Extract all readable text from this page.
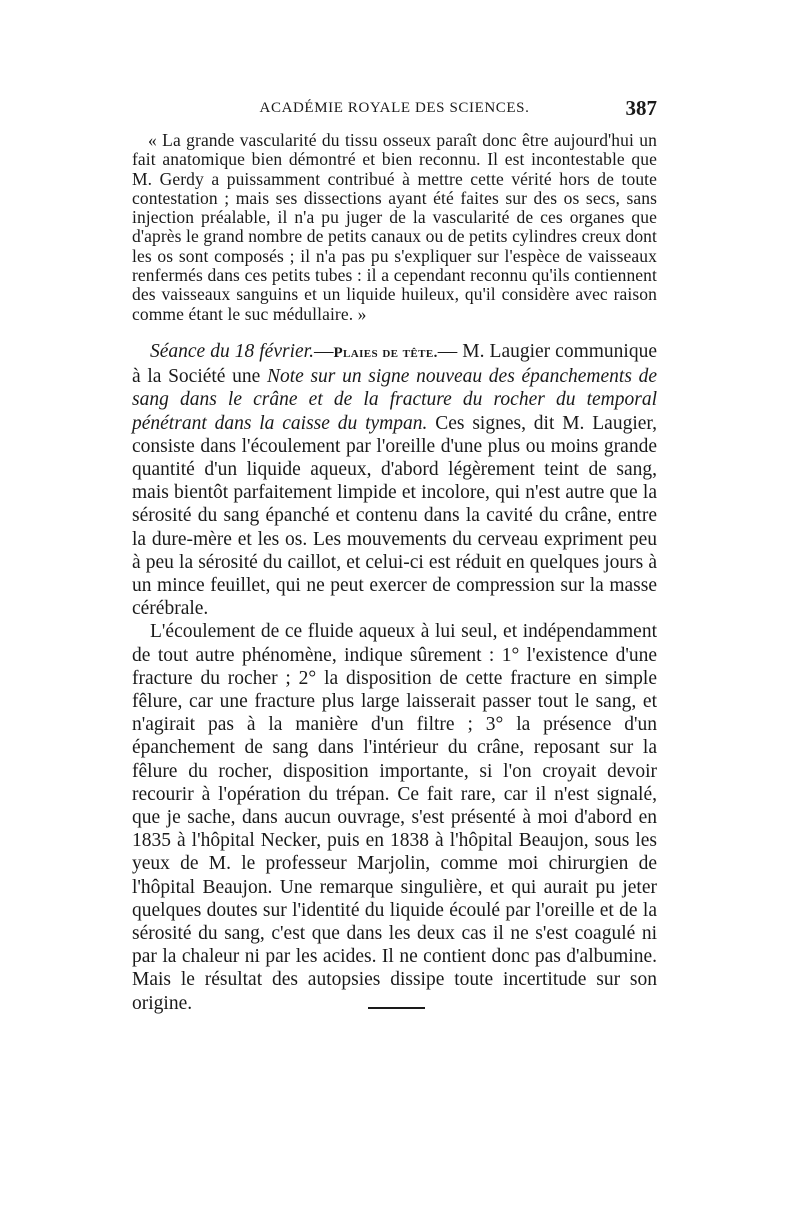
ACADÉMIE ROYALE DES SCIENCES.	387

« La grande vascularité du tissu osseux paraît donc être aujourd'hui un fait anatomique bien démontré et bien reconnu. Il est incontestable que M. Gerdy a puissamment contribué à mettre cette vérité hors de toute contestation ; mais ses dissections ayant été faites sur des os secs, sans injection préalable, il n'a pu juger de la vascularité de ces organes que d'après le grand nombre de petits canaux ou de petits cylindres creux dont les os sont composés ; il n'a pas pu s'expliquer sur l'espèce de vaisseaux renfermés dans ces petits tubes : il a cependant reconnu qu'ils contiennent des vaisseaux sanguins et un liquide huileux, qu'il considère avec raison comme étant le suc médullaire. »

Séance du 18 février.—Plaies de tête.— M. Laugier communique à la Société une Note sur un signe nouveau des épanchements de sang dans le crâne et de la fracture du rocher du temporal pénétrant dans la caisse du tympan. Ces signes, dit M. Laugier, consiste dans l'écoulement par l'oreille d'une plus ou moins grande quantité d'un liquide aqueux, d'abord légèrement teint de sang, mais bientôt parfaitement limpide et incolore, qui n'est autre que la sérosité du sang épanché et contenu dans la cavité du crâne, entre la dure-mère et les os. Les mouvements du cerveau expriment peu à peu la sérosité du caillot, et celui-ci est réduit en quelques jours à un mince feuillet, qui ne peut exercer de compression sur la masse cérébrale.

L'écoulement de ce fluide aqueux à lui seul, et indépendamment de tout autre phénomène, indique sûrement : 1° l'existence d'une fracture du rocher ; 2° la disposition de cette fracture en simple fêlure, car une fracture plus large laisserait passer tout le sang, et n'agirait pas à la manière d'un filtre ; 3° la présence d'un épanchement de sang dans l'intérieur du crâne, reposant sur la fêlure du rocher, disposition importante, si l'on croyait devoir recourir à l'opération du trépan. Ce fait rare, car il n'est signalé, que je sache, dans aucun ouvrage, s'est présenté à moi d'abord en 1835 à l'hôpital Necker, puis en 1838 à l'hôpital Beaujon, sous les yeux de M. le professeur Marjolin, comme moi chirurgien de l'hôpital Beaujon. Une remarque singulière, et qui aurait pu jeter quelques doutes sur l'identité du liquide écoulé par l'oreille et de la sérosité du sang, c'est que dans les deux cas il ne s'est coagulé ni par la chaleur ni par les acides. Il ne contient donc pas d'albumine. Mais le résultat des autopsies dissipe toute incertitude sur son origine.
